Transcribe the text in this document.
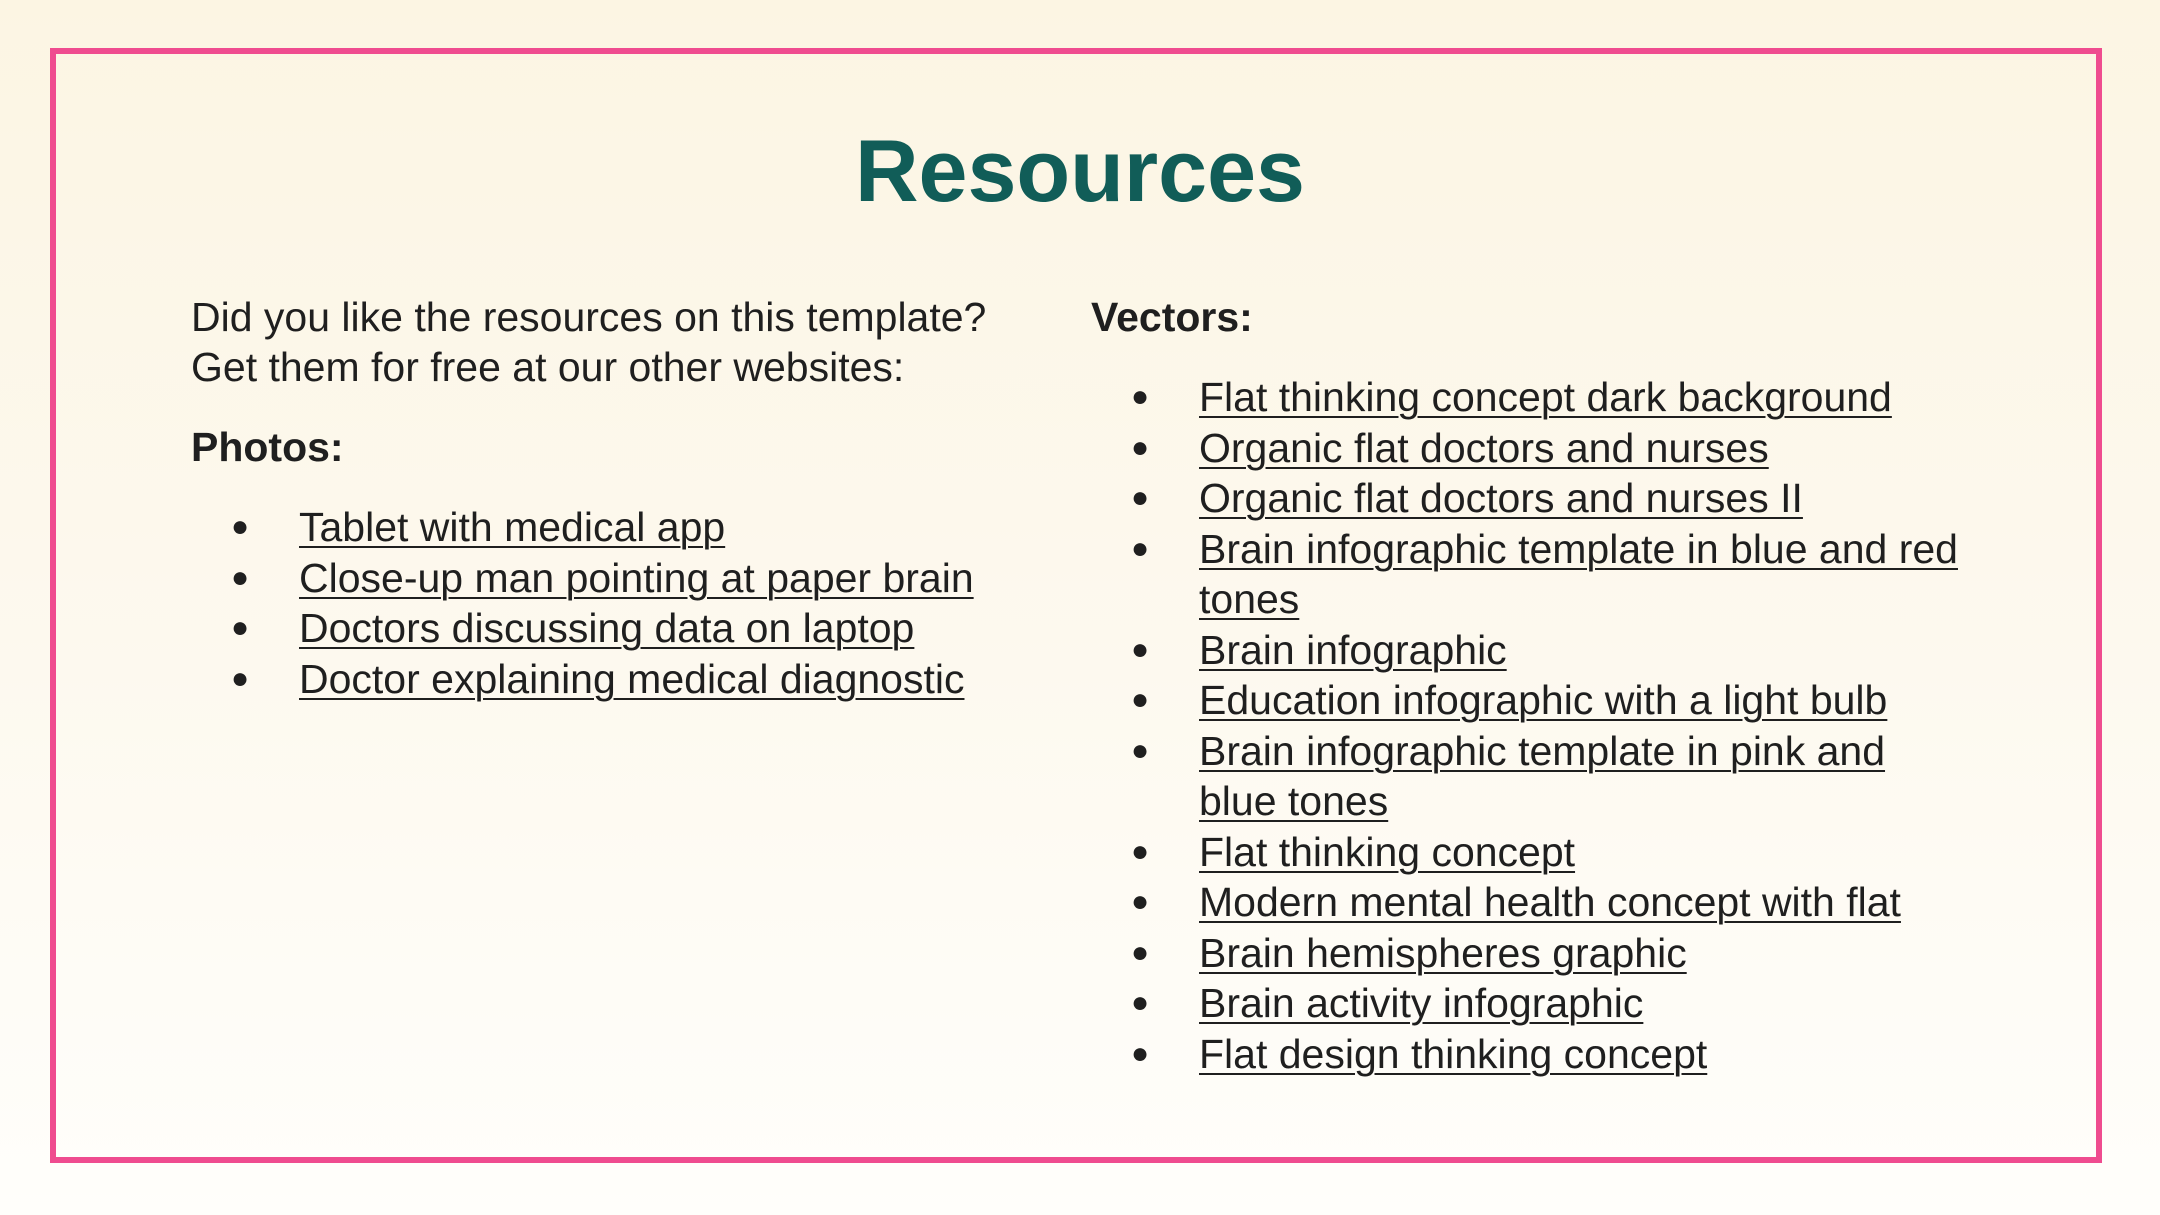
Resources

Did you like the resources on this template?

Get them for free at our other websites:

Photos:

● Tablet with medical app
● Close-up man pointing at paper brain
● Doctors discussing data on laptop
● Doctor explaining medical diagnostic

Vectors:

● Flat thinking concept dark background
● Organic flat doctors and nurses
● Organic flat doctors and nurses II
● Brain infographic template in blue and red tones
● Brain infographic
● Education infographic with a light bulb
● Brain infographic template in pink and blue tones
● Flat thinking concept
● Modern mental health concept with flat
● Brain hemispheres graphic
● Brain activity infographic
● Flat design thinking concept
